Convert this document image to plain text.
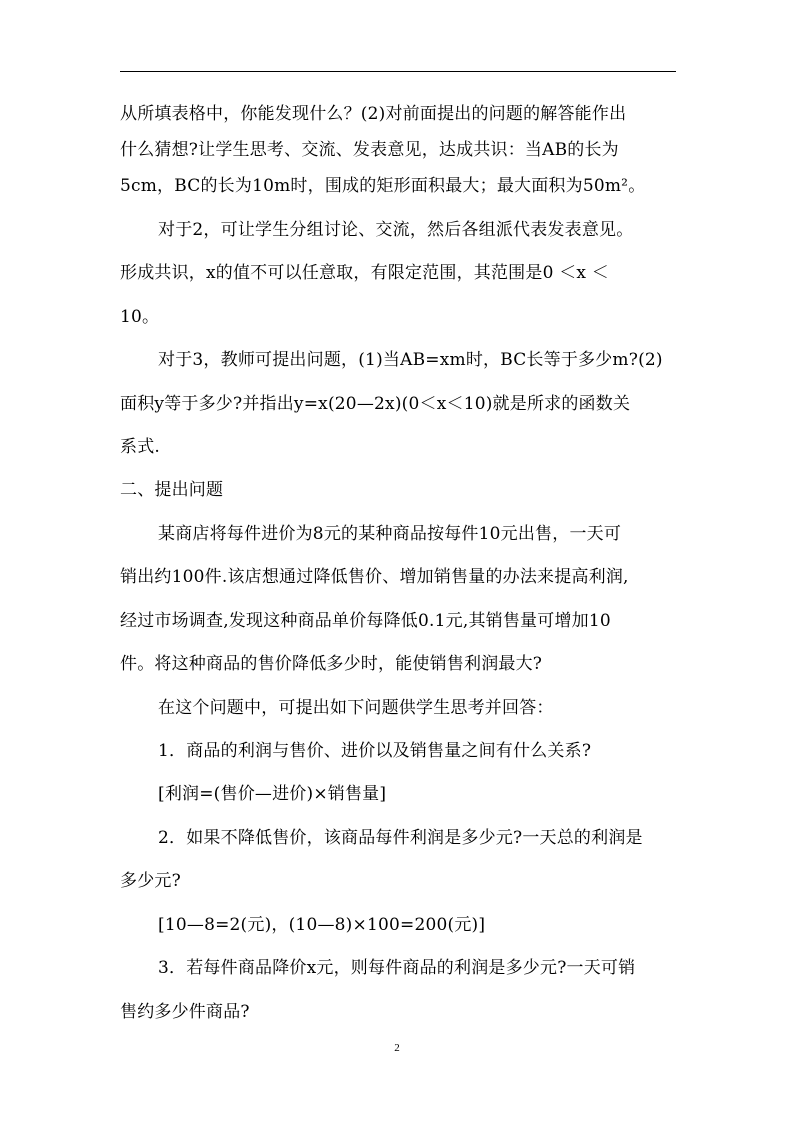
从所填表格中，你能发现什么？(2)对前面提出的问题的解答能作出
什么猜想?让学生思考、交流、发表意见，达成共识：当AB的长为
5cm，BC的长为10m时，围成的矩形面积最大；最大面积为50m²。
对于2，可让学生分组讨论、交流，然后各组派代表发表意见。
形成共识，x的值不可以任意取，有限定范围，其范围是0 ＜x ＜
10。
对于3，教师可提出问题，(1)当AB=xm时，BC长等于多少m?(2)
面积y等于多少?并指出y=x(20—2x)(0＜x＜10)就是所求的函数关
系式.
二、提出问题
某商店将每件进价为8元的某种商品按每件10元出售，一天可
销出约100件.该店想通过降低售价、增加销售量的办法来提高利润,
经过市场调查,发现这种商品单价每降低0.1元,其销售量可增加10
件。将这种商品的售价降低多少时，能使销售利润最大?
在这个问题中，可提出如下问题供学生思考并回答：
1．商品的利润与售价、进价以及销售量之间有什么关系?
[利润=(售价—进价)×销售量]
2．如果不降低售价，该商品每件利润是多少元?一天总的利润是
多少元?
[10—8=2(元)，(10—8)×100=200(元)]
3．若每件商品降价x元，则每件商品的利润是多少元?一天可销
售约多少件商品?
2
